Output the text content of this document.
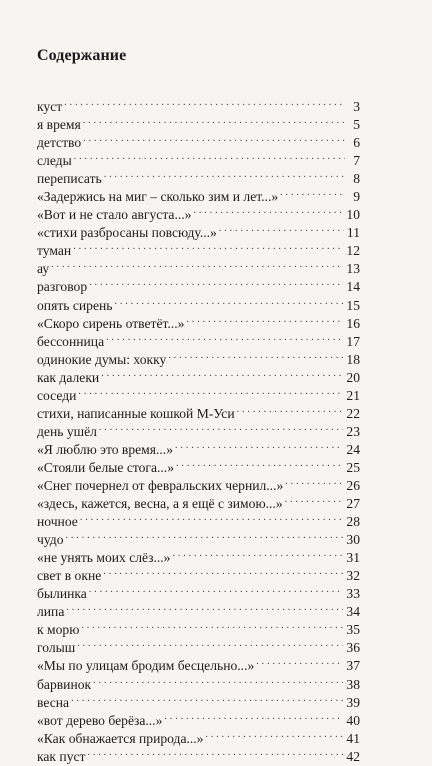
Содержание
куст . . .	3
я время . . .	5
детство . . .	6
следы . . .	7
переписать . . .	8
«Задержись на миг – сколько зим и лет...» . . .	9
«Вот и не стало августа...» . . .	10
«стихи разбросаны повсюду...» . . .	11
туман . . .	12
ау . . .	13
разговор . . .	14
опять сирень . . .	15
«Скоро сирень ответёт...» . . .	16
бессонница . . .	17
одинокие думы: хокку . . .	18
как далеки . . .	20
соседи . . .	21
стихи, написанные кошкой М-Уси . . .	22
день ушёл . . .	23
«Я люблю это время...» . . .	24
«Стояли белые стога...» . . .	25
«Снег почернел от февральских чернил...» . . .	26
«здесь, кажется, весна, а я ещё с зимою...» . . .	27
ночное . . .	28
чудо . . .	30
«не унять моих слёз...» . . .	31
свет в окне . . .	32
былинка . . .	33
липа . . .	34
к морю . . .	35
голыш . . .	36
«Мы по улицам бродим бесцельно...» . . .	37
барвинок . . .	38
весна . . .	39
«вот дерево берёза...» . . .	40
«Как обнажается природа...» . . .	41
как пуст . . .	42
